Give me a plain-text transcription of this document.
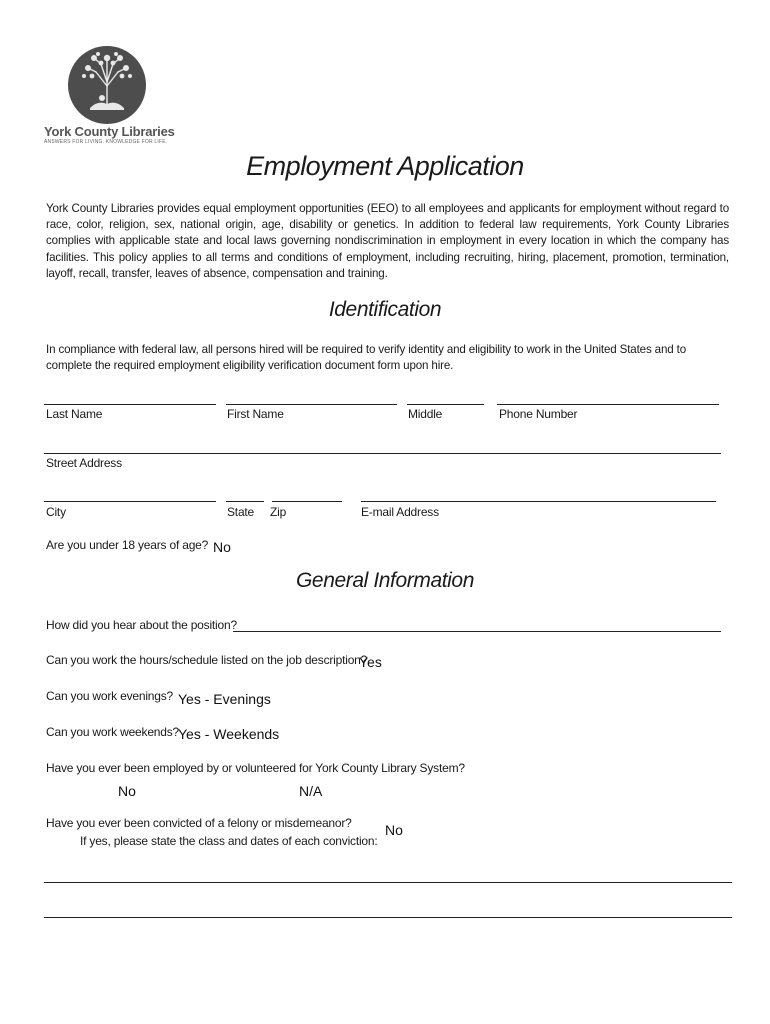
York County Libraries
ANSWERS FOR LIVING. KNOWLEDGE FOR LIFE.
Employment Application
York County Libraries provides equal employment opportunities (EEO) to all employees and applicants for employment without regard to race, color, religion, sex, national origin, age, disability or genetics. In addition to federal law requirements, York County Libraries complies with applicable state and local laws governing nondiscrimination in employment in every location in which the company has facilities. This policy applies to all terms and conditions of employment, including recruiting, hiring, placement, promotion, termination, layoff, recall, transfer, leaves of absence, compensation and training.
Identification
In compliance with federal law, all persons hired will be required to verify identity and eligibility to work in the United States and to complete the required employment eligibility verification document form upon hire.
Last Name	First Name	Middle	Phone Number
Street Address
City	State Zip	E-mail Address
Are you under 18 years of age? No
General Information
How did you hear about the position?
Can you work the hours/schedule listed on the job description?
Yes
Can you work evenings? Yes - Evenings
Can you work weekends?
Yes - Weekends
Have you ever been employed by or volunteered for York County Library System?
No	N/A
Have you ever been convicted of a felony or misdemeanor?
If yes, please state the class and dates of each conviction:
No
